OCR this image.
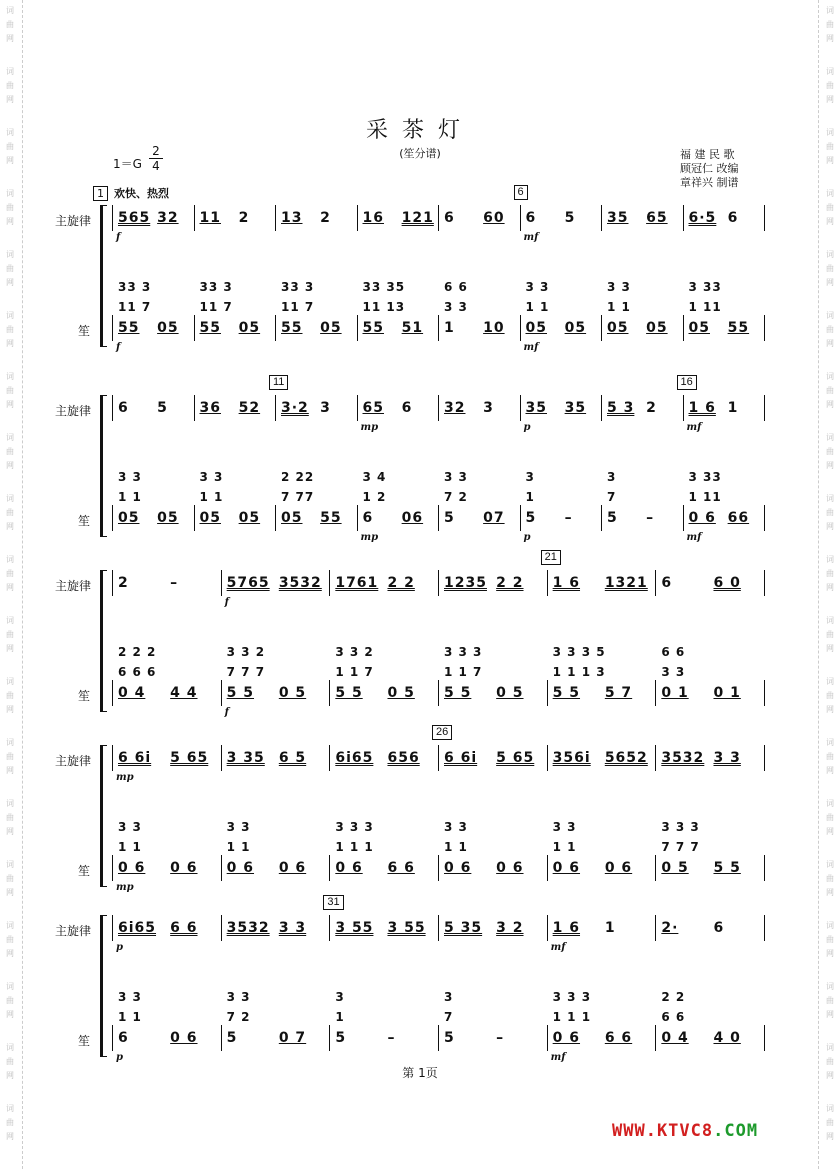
词
曲
网
词
曲
网
词
曲
网
词
曲
网
词
曲
网
词
曲
网
词
曲
网
词
曲
网
词
曲
网
词
曲
网
词
曲
网
词
曲
网
词
曲
网
词
曲
网
词
曲
网
词
曲
网
词
曲
网
词
曲
网
词
曲
网
词
曲
网
词
曲
网
词
曲
网
词
曲
网
词
曲
网
词
曲
网
词
曲
网
词
曲
网
词
曲
网
词
曲
网
词
曲
网
词
曲
网
词
曲
网
词
曲
网
词
曲
网
词
曲
网
词
曲
网
词
曲
网
词
曲
网
采茶灯
(笙分谱)
1＝G
2
4
福 建 民 歌
顾冠仁 改编
章祥兴 制谱
1 欢快、热烈
主旋律
笙
6
565 32
33 3
11 7
55 05
11 2
33 3
11 7
55 05
13 2
33 3
11 7
55 05
16 121
33 35
11 13
55 51
6 60
6 6
3 3
1 10
6 5
3 3
1 1
05 05
35 65
3 3
1 1
05 05
6·5 6
3 33
1 11
05 55
f	mf
f	mf
主旋律
笙
11	16
6 5
3 3
1 1
05 05
36 52
3 3
1 1
05 05
3·2 3
2 22
7 77
05 55
65 6
3 4
1 2
6 06
32 3
3 3
7 2
5 07
35 35
3
1
5 –
5 3 2
3
7
5 –
1 6 1
3 33
1 11
0 6 66
mp	p	mf
mp	p	mf
主旋律
笙
21
2	–
2 2 2
6 6 6
0 4 4 4
5765 3532
3 3 2
7 7 7
5 5 0 5
1761 2 2
3 3 2
1 1 7
5 5 0 5
1235 2 2
3 3 3
1 1 7
5 5 0 5
1 6 1321
3 3 3 5
1 1 1 3
5 5 5 7
6	6 0
6 6
3 3
0 1 0 1
f
f
主旋律
笙
26
6 6i 5 65
3 3
1 1
0 6 0 6
3 35 6 5
3 3
1 1
0 6 0 6
6i65 656
3 3 3
1 1 1
0 6 6 6
6 6i 5 65
3 3
1 1
0 6 0 6
356i 5652
3 3
1 1
0 6 0 6
3532 3 3
3 3 3
7 7 7
0 5 5 5
mp
mp
主旋律
笙
31
6i65 6 6
3 3
1 1
6	0 6
3532 3 3
3 3
7 2
5	0 7
3 55 3 55
3
1
5	–
5 35 3 2
3
7
5	–
1 6 1
3 3 3
1 1 1
0 6 6 6
2·	6
2 2
6 6
0 4 4 0
p	mf
p	mf
第 1页
WWW.KTVC8.COM
